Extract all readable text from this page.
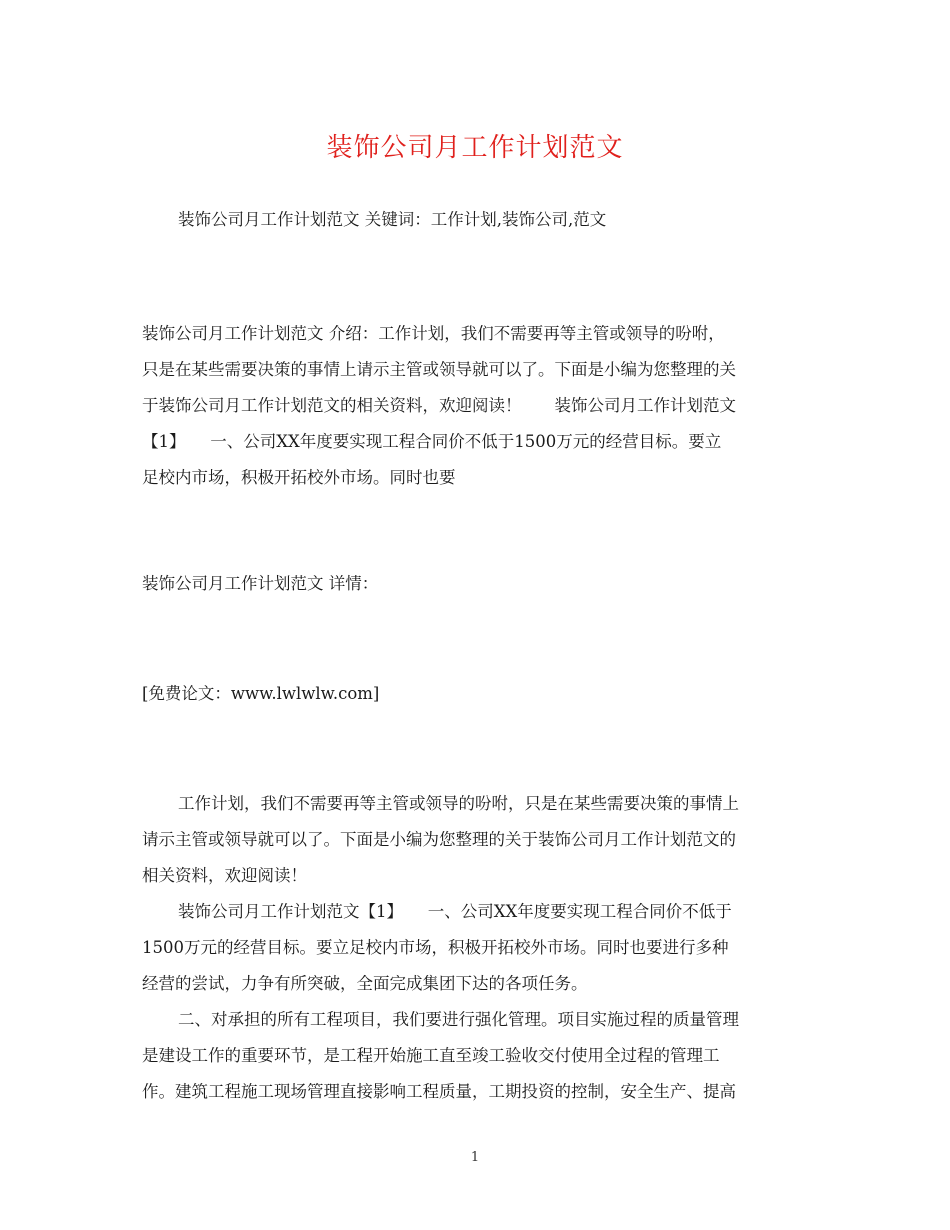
装饰公司月工作计划范文
装饰公司月工作计划范文 关键词：工作计划,装饰公司,范文
装饰公司月工作计划范文 介绍：工作计划，我们不需要再等主管或领导的吩咐，
只是在某些需要决策的事情上请示主管或领导就可以了。下面是小编为您整理的关
于装饰公司月工作计划范文的相关资料，欢迎阅读！　　装饰公司月工作计划范文
【1】　　一、公司XX年度要实现工程合同价不低于1500万元的经营目标。要立
足校内市场，积极开拓校外市场。同时也要
装饰公司月工作计划范文 详情：
[免费论文：www.lwlwlw.com]
工作计划，我们不需要再等主管或领导的吩咐，只是在某些需要决策的事情上
请示主管或领导就可以了。下面是小编为您整理的关于装饰公司月工作计划范文的
相关资料，欢迎阅读！
装饰公司月工作计划范文【1】　　一、公司XX年度要实现工程合同价不低于
1500万元的经营目标。要立足校内市场，积极开拓校外市场。同时也要进行多种
经营的尝试，力争有所突破，全面完成集团下达的各项任务。
二、对承担的所有工程项目，我们要进行强化管理。项目实施过程的质量管理
是建设工作的重要环节，是工程开始施工直至竣工验收交付使用全过程的管理工
作。建筑工程施工现场管理直接影响工程质量，工期投资的控制，安全生产、提高
1
